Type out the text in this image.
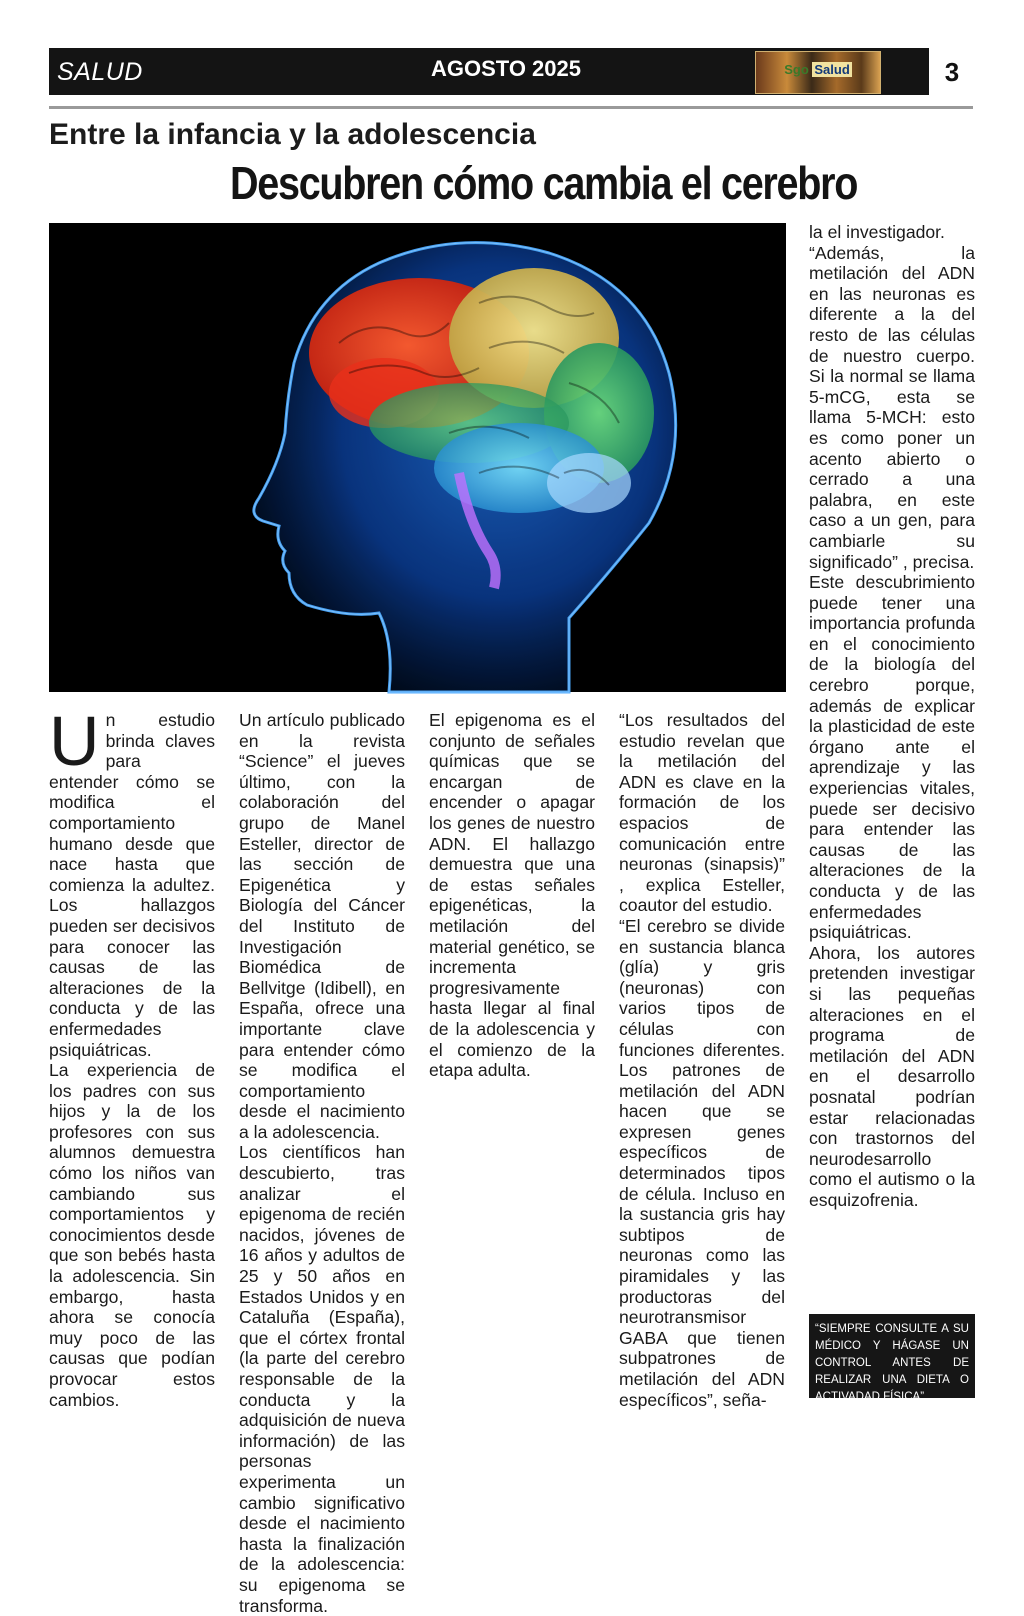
SALUD	AGOSTO 2025	Sgo Salud	3
Entre la infancia y la adolescencia
Descubren cómo cambia el cerebro

Un estudio brinda claves para entender cómo se modifica el comportamiento humano desde que nace hasta que comienza la adultez. Los hallazgos pueden ser decisivos para conocer las causas de las alteraciones de la conducta y de las enfermedades psiquiátricas.

La experiencia de los padres con sus hijos y la de los profesores con sus alumnos demuestra cómo los niños van cambiando sus comportamientos y conocimientos desde que son bebés hasta la adolescencia. Sin embargo, hasta ahora se conocía muy poco de las causas que podían provocar estos cambios.

Un artículo publicado en la revista “Science” el jueves último, con la colaboración del grupo de Manel Esteller, director de las sección de Epigenética y Biología del Cáncer del Instituto de Investigación Biomédica de Bellvitge (Idibell), en España, ofrece una importante clave para entender cómo se modifica el comportamiento desde el nacimiento a la adolescencia.

Los científicos han descubierto, tras analizar el epigenoma de recién nacidos, jóvenes de 16 años y adultos de 25 y 50 años en Estados Unidos y en Cataluña (España), que el córtex frontal (la parte del cerebro responsable de la conducta y la adquisición de nueva información) de las personas experimenta un cambio significativo desde el nacimiento hasta la finalización de la adolescencia: su epigenoma se transforma.

El epigenoma es el conjunto de señales químicas que se encargan de encender o apagar los genes de nuestro ADN. El hallazgo demuestra que una de estas señales epigenéticas, la metilación del material genético, se incrementa progresivamente hasta llegar al final de la adolescencia y el comienzo de la etapa adulta.

“Los resultados del estudio revelan que la metilación del ADN es clave en la formación de los espacios de comunicación entre neuronas (sinapsis)” , explica Esteller, coautor del estudio.

“El cerebro se divide en sustancia blanca (glía) y gris (neuronas) con varios tipos de células con funciones diferentes. Los patrones de metilación del ADN hacen que se expresen genes específicos de determinados tipos de célula. Incluso en la sustancia gris hay subtipos de neuronas como las piramidales y las productoras del neurotransmisor GABA que tienen subpatrones de metilación del ADN específicos”, seña-

la el investigador.

“Además, la metilación del ADN en las neuronas es diferente a la del resto de las células de nuestro cuerpo. Si la normal se llama 5-mCG, esta se llama 5-MCH: esto es como poner un acento abierto o cerrado a una palabra, en este caso a un gen, para cambiarle su significado” , precisa.

Este descubrimiento puede tener una importancia profunda en el conocimiento de la biología del cerebro porque, además de explicar la plasticidad de este órgano ante el aprendizaje y las experiencias vitales, puede ser decisivo para entender las causas de las alteraciones de la conducta y de las enfermedades psiquiátricas.

Ahora, los autores pretenden investigar si las pequeñas alteraciones en el programa de metilación del ADN en el desarrollo posnatal podrían estar relacionadas con trastornos del neurodesarrollo como el autismo o la esquizofrenia.

“SIEMPRE CONSULTE A SU MÉDICO Y HÁGASE UN CONTROL ANTES DE REALIZAR UNA DIETA O ACTIVADAD FÍSICA”
